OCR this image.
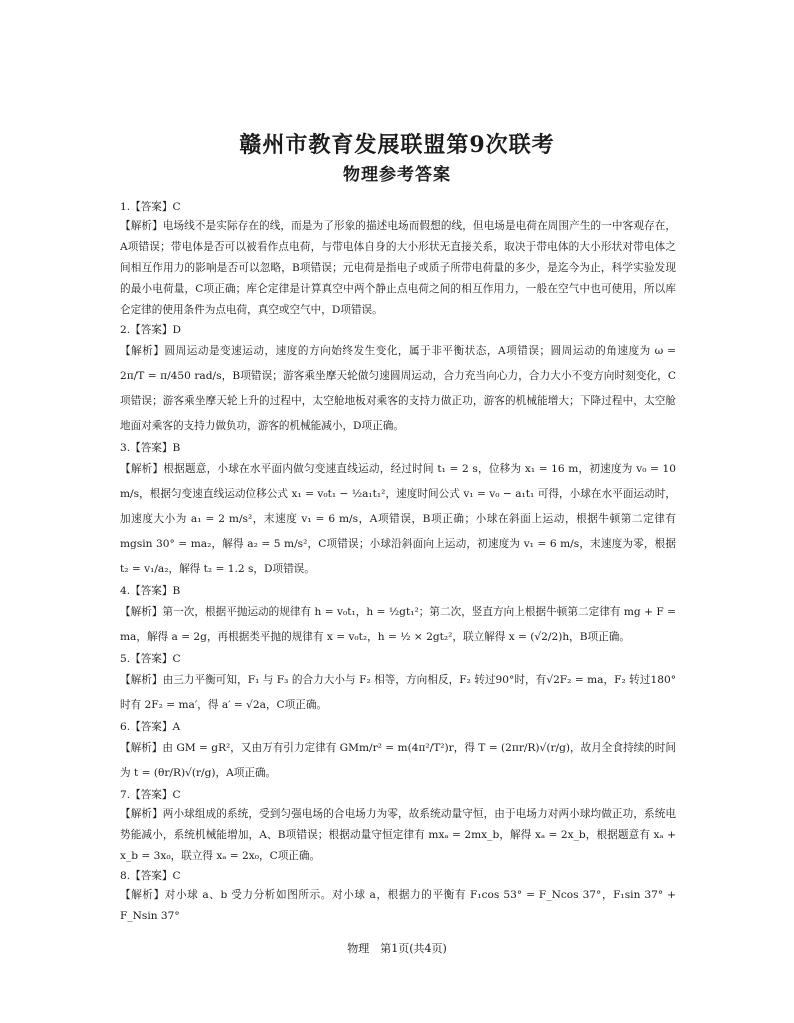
赣州市教育发展联盟第9次联考
物理参考答案

1.【答案】C

【解析】电场线不是实际存在的线，而是为了形象的描述电场而假想的线，但电场是电荷在周围产生的一中客观存在，A项错误；带电体是否可以被看作点电荷，与带电体自身的大小形状无直接关系，取决于带电体的大小形状对带电体之间相互作用力的影响是否可以忽略，B项错误；元电荷是指电子或质子所带电荷量的多少，是迄今为止，科学实验发现的最小电荷量，C项正确；库仑定律是计算真空中两个静止点电荷之间的相互作用力，一般在空气中也可使用，所以库仑定律的使用条件为点电荷，真空或空气中，D项错误。

2.【答案】D

【解析】圆周运动是变速运动，速度的方向始终发生变化，属于非平衡状态，A项错误；圆周运动的角速度为 ω = 2π/T = π/450 rad/s，B项错误；游客乘坐摩天轮做匀速圆周运动，合力充当向心力，合力大小不变方向时刻变化，C项错误；游客乘坐摩天轮上升的过程中，太空舱地板对乘客的支持力做正功，游客的机械能增大；下降过程中，太空舱地面对乘客的支持力做负功，游客的机械能减小，D项正确。

3.【答案】B

【解析】根据题意，小球在水平面内做匀变速直线运动，经过时间 t₁ = 2 s，位移为 x₁ = 16 m，初速度为 v₀ = 10 m/s，根据匀变速直线运动位移公式 x₁ = v₀t₁ − ½a₁t₁²，速度时间公式 v₁ = v₀ − a₁t₁ 可得，小球在水平面运动时，加速度大小为 a₁ = 2 m/s²，末速度 v₁ = 6 m/s，A项错误，B项正确；小球在斜面上运动，根据牛顿第二定律有 mgsin 30° = ma₂，解得 a₂ = 5 m/s²，C项错误；小球沿斜面向上运动，初速度为 v₁ = 6 m/s，末速度为零，根据 t₂ = v₁/a₂，解得 t₂ = 1.2 s，D项错误。

4.【答案】B

【解析】第一次，根据平抛运动的规律有 h = v₀t₁，h = ½gt₁²；第二次，竖直方向上根据牛顿第二定律有 mg + F = ma，解得 a = 2g，再根据类平抛的规律有 x = v₀t₂，h = ½ × 2gt₂²，联立解得 x = (√2/2)h，B项正确。

5.【答案】C

【解析】由三力平衡可知，F₁ 与 F₃ 的合力大小与 F₂ 相等，方向相反，F₂ 转过90°时，有√2F₂ = ma，F₂ 转过180°时有 2F₂ = ma′，得 a′ = √2a，C项正确。

6.【答案】A

【解析】由 GM = gR²，又由万有引力定律有 GMm/r² = m(4π²/T²)r，得 T = (2πr/R)√(r/g)，故月全食持续的时间为 t = (θr/R)√(r/g)，A项正确。

7.【答案】C

【解析】两小球组成的系统，受到匀强电场的合电场力为零，故系统动量守恒，由于电场力对两小球均做正功，系统电势能减小，系统机械能增加，A、B项错误；根据动量守恒定律有 mxₐ = 2mx_b，解得 xₐ = 2x_b，根据题意有 xₐ + x_b = 3x₀，联立得 xₐ = 2x₀，C项正确。

8.【答案】C

【解析】对小球 a、b 受力分析如图所示。对小球 a，根据力的平衡有 F₁cos 53° = F_Ncos 37°，F₁sin 37° + F_Nsin 37°

物理　第1页(共4页)
